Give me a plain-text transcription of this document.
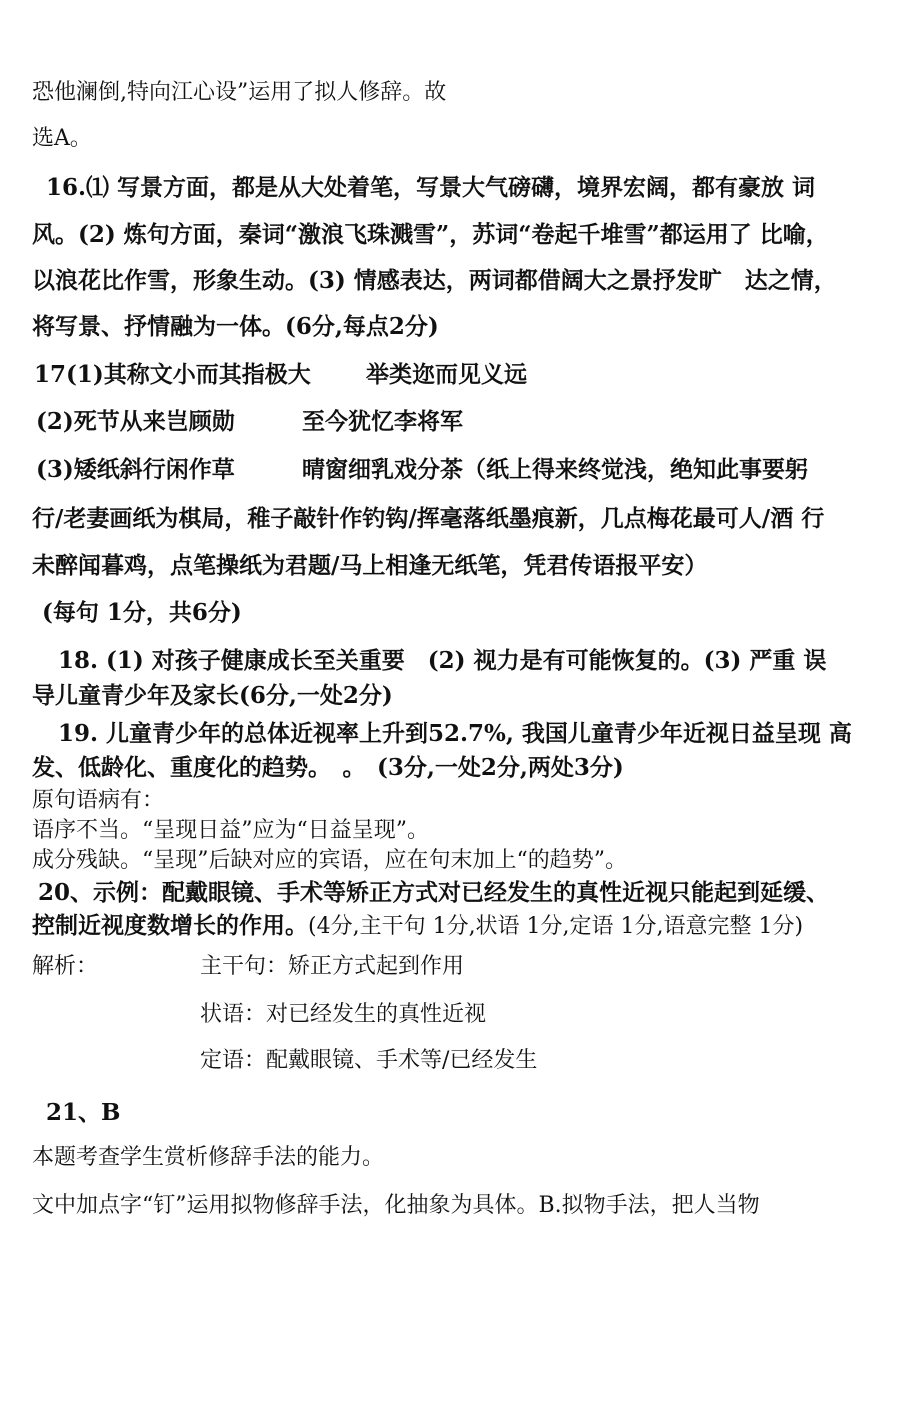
恐他澜倒,特向江心设”运用了拟人修辞。故
选A。
16.⑴ 写景方面，都是从大处着笔，写景大气磅礴，境界宏阔，都有豪放 词
风。(2) 炼句方面，秦词“激浪飞珠溅雪”，苏词“卷起千堆雪”都运用了 比喻，
以浪花比作雪，形象生动。(3) 情感表达，两词都借阔大之景抒发旷　达之情，
将写景、抒情融为一体。(6分,每点2分)
17(1)其称文小而其指极大 举类迩而见义远
(2)死节从来岂顾勋	至今犹忆李将军
(3)矮纸斜行闲作草	晴窗细乳戏分茶（纸上得来终觉浅，绝知此事要躬
行/老妻画纸为棋局，稚子敲针作钓钩/挥毫落纸墨痕新，几点梅花最可人/酒 行
未醉闻暮鸡，点笔操纸为君题/马上相逢无纸笔，凭君传语报平安）
(每句 1分，共6分)
18. (1) 对孩子健康成长至关重要　(2) 视力是有可能恢复的。(3) 严重 误
导儿童青少年及家长(6分,一处2分)
19. 儿童青少年的总体近视率上升到52.7%, 我国儿童青少年近视日益呈现 高
发、低龄化、重度化的趋势。　。　(3分,一处2分,两处3分)
原句语病有：
语序不当。“呈现日益”应为“日益呈现”。
成分残缺。“呈现”后缺对应的宾语，应在句末加上“的趋势”。
20、示例：配戴眼镜、手术等矫正方式对已经发生的真性近视只能起到延缓、
控制近视度数增长的作用。(4分,主干句 1分,状语 1分,定语 1分,语意完整 1分)
解析：	主干句：矫正方式起到作用
状语：对已经发生的真性近视
定语：配戴眼镜、手术等/已经发生
21、B
本题考查学生赏析修辞手法的能力。
文中加点字“钉”运用拟物修辞手法，化抽象为具体。B.拟物手法，把人当物
